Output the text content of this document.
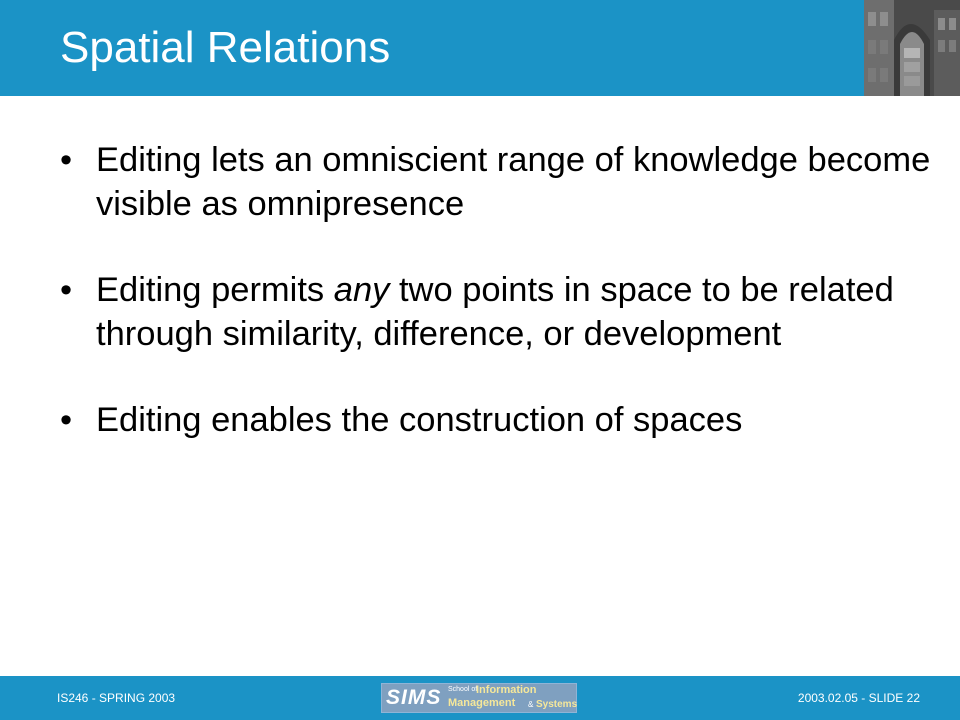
Spatial Relations
• Editing lets an omniscient range of knowledge become visible as omnipresence
• Editing permits any two points in space to be related through similarity, difference, or development
• Editing enables the construction of spaces
IS246 - SPRING 2003	SIMS School of
Information
Management & Systems	2003.02.05 - SLIDE 22
